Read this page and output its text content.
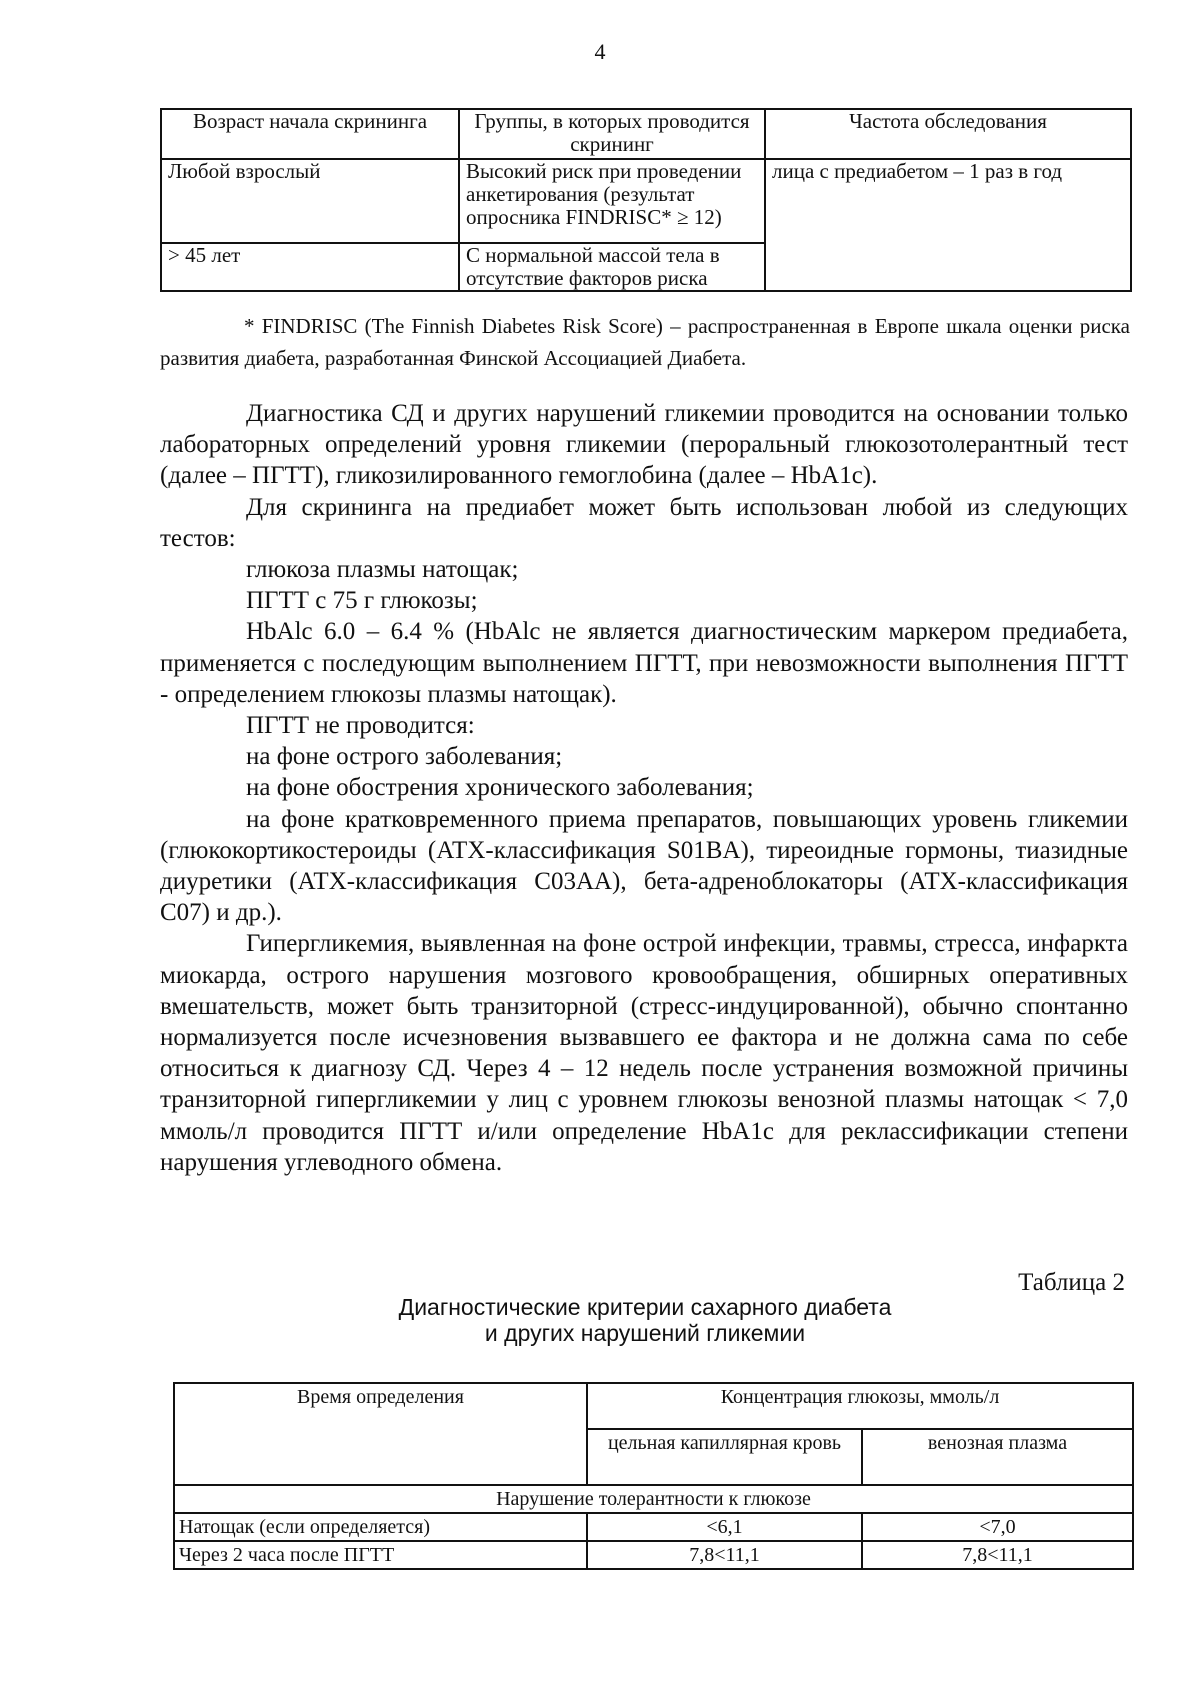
4
Возраст начала скрининга	Группы, в которых проводится скрининг	Частота обследования
Любой взрослый	Высокий риск при проведении анкетирования (результат опросника FINDRISC* ≥ 12)	лица с предиабетом – 1 раз в год
> 45 лет	С нормальной массой тела в отсутствие факторов риска	
* FINDRISC (The Finnish Diabetes Risk Score) – распространенная в Европе шкала оценки риска развития диабета, разработанная Финской Ассоциацией Диабета.

Диагностика СД и других нарушений гликемии проводится на основании только лабораторных определений уровня гликемии (пероральный глюкозотолерантный тест (далее – ПГТТ), гликозилированного гемоглобина (далее – HbA1c).

Для скрининга на предиабет может быть использован любой из следующих тестов:

глюкоза плазмы натощак;

ПГТТ с 75 г глюкозы;

HbAlc 6.0 – 6.4 % (HbAlc не является диагностическим маркером предиабета, применяется с последующим выполнением ПГТТ, при невозможности выполнения ПГТТ - определением глюкозы плазмы натощак).

ПГТТ не проводится:

на фоне острого заболевания;

на фоне обострения хронического заболевания;

на фоне кратковременного приема препаратов, повышающих уровень гликемии (глюкокортикостероиды (АТХ-классификация S01BA), тиреоидные гормоны, тиазидные диуретики (АТХ-классификация C03AA), бета-адреноблокаторы (АТХ-классификация С07) и др.).

Гипергликемия, выявленная на фоне острой инфекции, травмы, стресса, инфаркта миокарда, острого нарушения мозгового кровообращения, обширных оперативных вмешательств, может быть транзиторной (стресс-индуцированной), обычно спонтанно нормализуется после исчезновения вызвавшего ее фактора и не должна сама по себе относиться к диагнозу СД. Через 4 – 12 недель после устранения возможной причины транзиторной гипергликемии у лиц с уровнем глюкозы венозной плазмы натощак < 7,0 ммоль/л проводится ПГТТ и/или определение HbA1c для реклассификации степени нарушения углеводного обмена.

Таблица 2
Диагностические критерии сахарного диабета
и других нарушений гликемии
Время определения	Концентрация глюкозы, ммоль/л	
	цельная капиллярная кровь	венозная плазма
Нарушение толерантности к глюкозе		
Натощак (если определяется)	<6,1	<7,0
Через 2 часа после ПГТТ	7,8<11,1	7,8<11,1
